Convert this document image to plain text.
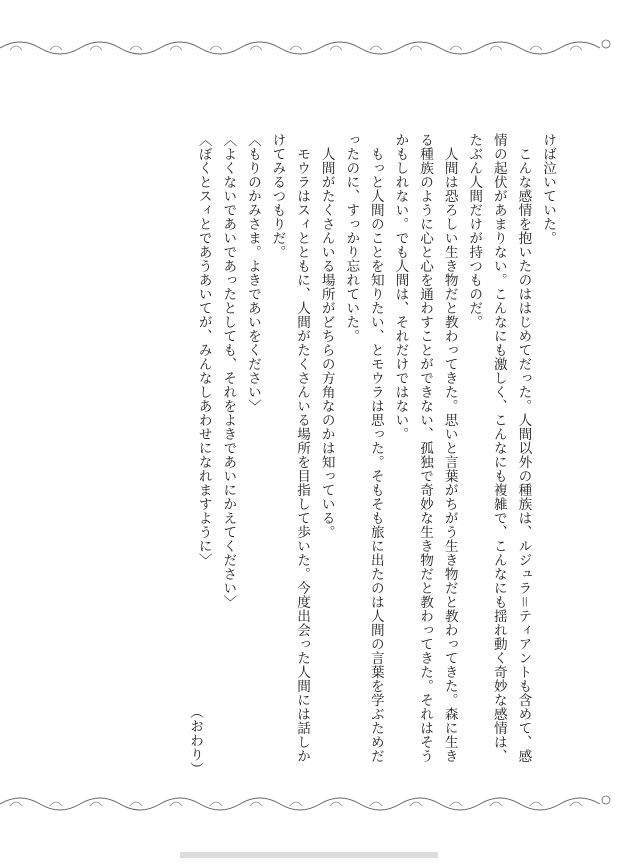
けば泣いていた。

こんな感情を抱いたのははじめてだった。人間以外の種族は、ルジュラ＝ティアントも含めて、感情の起伏があまりない。こんなにも激しく、こんなにも複雑で、こんなにも揺れ動く奇妙な感情は、たぶん人間だけが持つものだ。

人間は恐ろしい生き物だと教わってきた。思いと言葉がちがう生き物だと教わってきた。森に生きる種族のように心と心を通わすことができない、孤独で奇妙な生き物だと教わってきた。それはそうかもしれない。でも人間は、それだけではない。

もっと人間のことを知りたい、とモウラは思った。そもそも旅に出たのは人間の言葉を学ぶためだったのに、すっかり忘れていた。

人間がたくさんいる場所がどちらの方角なのかは知っている。

モウラはスィとともに、人間がたくさんいる場所を目指して歩いた。今度出会った人間には話しかけてみるつもりだ。

〈もりのかみさま。よきであいをください〉

〈よくないであいであったとしても、それをよきであいにかえてください〉

〈ぼくとスィとであうあいてが、みんなしあわせになれますように〉

（おわり）
